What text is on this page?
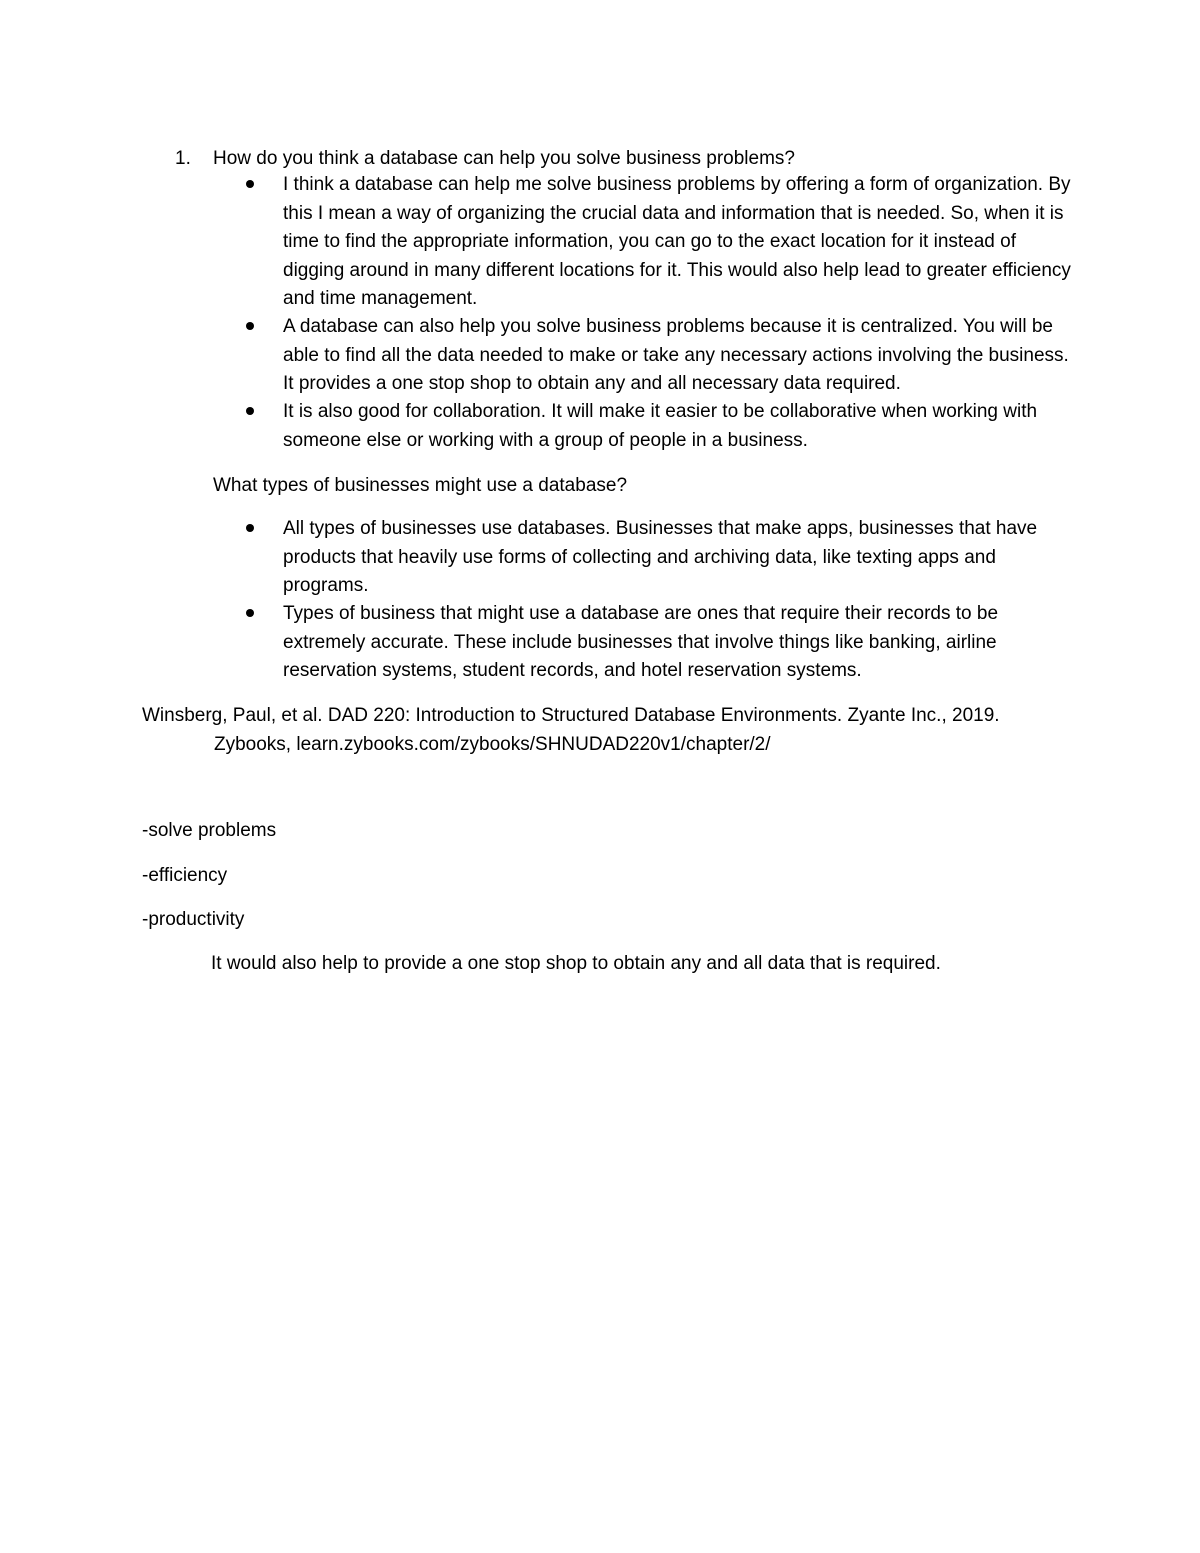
1. How do you think a database can help you solve business problems?
I think a database can help me solve business problems by offering a form of organization. By this I mean a way of organizing the crucial data and information that is needed. So, when it is time to find the appropriate information, you can go to the exact location for it instead of digging around in many different locations for it. This would also help lead to greater efficiency and time management.
A database can also help you solve business problems because it is centralized. You will be able to find all the data needed to make or take any necessary actions involving the business. It provides a one stop shop to obtain any and all necessary data required.
It is also good for collaboration. It will make it easier to be collaborative when working with someone else or working with a group of people in a business.
What types of businesses might use a database?
All types of businesses use databases. Businesses that make apps, businesses that have products that heavily use forms of collecting and archiving data, like texting apps and programs.
Types of business that might use a database are ones that require their records to be extremely accurate. These include businesses that involve things like banking, airline reservation systems, student records, and hotel reservation systems.
Winsberg, Paul, et al. DAD 220: Introduction to Structured Database Environments. Zyante Inc., 2019. Zybooks, learn.zybooks.com/zybooks/SHNUDAD220v1/chapter/2/
-solve problems
-efficiency
-productivity
It would also help to provide a one stop shop to obtain any and all data that is required.
